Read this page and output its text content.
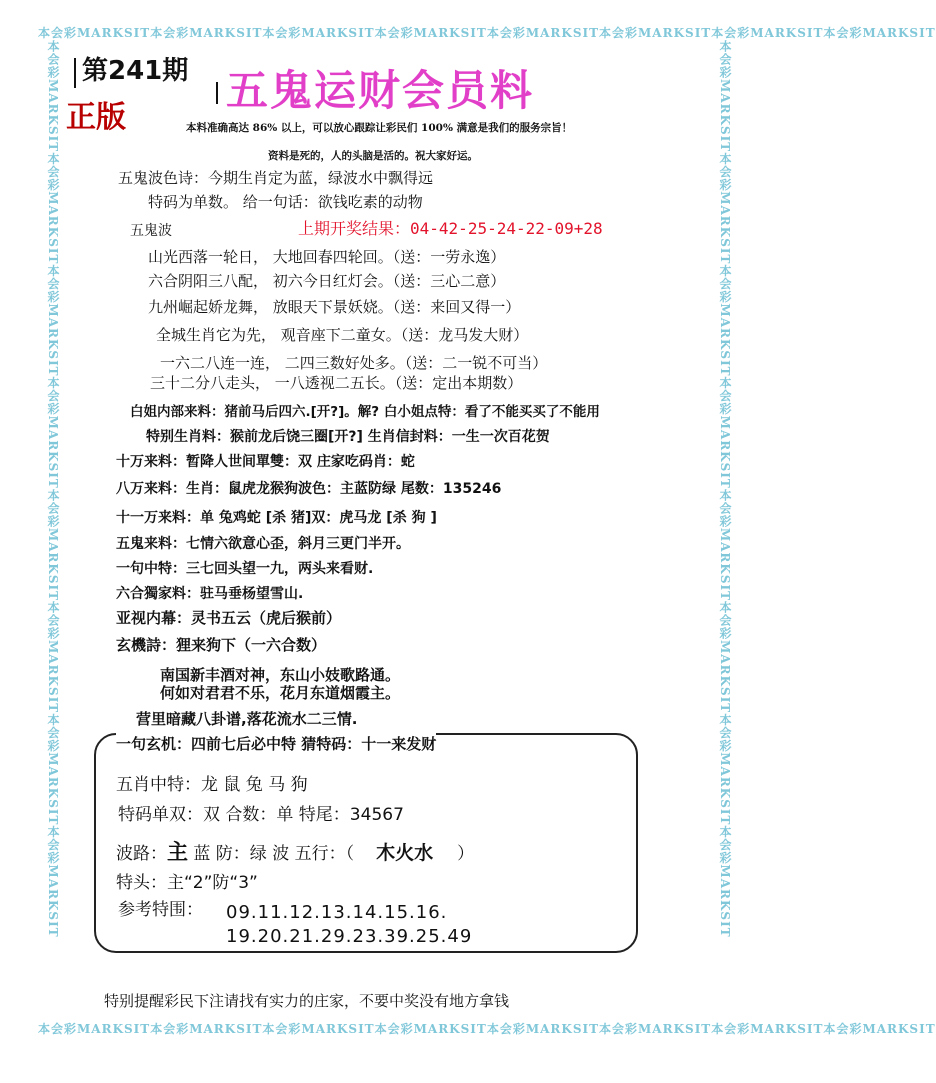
本会彩MARKSIT本会彩MARKSIT本会彩MARKSIT本会彩MARKSIT本会彩MARKSIT本会彩MARKSIT本会彩MARKSIT本会彩MARKSIT
本会彩MARKSIT本会彩MARKSIT本会彩MARKSIT本会彩MARKSIT本会彩MARKSIT本会彩MARKSIT本会彩MARKSIT本会彩MARKSIT
本会彩MARKSIT本会彩MARKSIT本会彩MARKSIT本会彩MARKSIT本会彩MARKSIT本会彩MARKSIT本会彩MARKSIT本会彩MARKSIT	本会彩MARKSIT本会彩MARKSIT本会彩MARKSIT本会彩MARKSIT本会彩MARKSIT本会彩MARKSIT本会彩MARKSIT本会彩MARKSIT
第241期
正版
五鬼运财会员料
本料准确高达 86% 以上，可以放心跟踪让彩民们 100% 满意是我们的服务宗旨！
资料是死的，人的头脑是活的。祝大家好运。
五鬼波色诗：今期生肖定为蓝，绿波水中飘得远
特码为单数。 给一句话：欲钱吃素的动物
五鬼波	上期开奖结果：04-42-25-24-22-09+28
山光西落一轮日， 大地回春四轮回。（送：一劳永逸）
六合阴阳三八配， 初六今日红灯会。（送：三心二意）
九州崛起娇龙舞， 放眼天下景妖娆。（送：来回又得一）
全城生肖它为先， 观音座下二童女。（送：龙马发大财）
一六二八连一连， 二四三数好处多。（送：二一锐不可当）
三十二分八走头， 一八透视二五长。（送：定出本期数）
白姐内部来料：猪前马后四六.[开?]。解? 白小姐点特：看了不能买买了不能用
特别生肖料：猴前龙后饶三圈[开?] 生肖信封料：一生一次百花贺
十万来料：暂降人世间單雙：双 庄家吃码肖：蛇
八万来料：生肖：鼠虎龙猴狗波色：主蓝防绿 尾数：135246
十一万来料：单 兔鸡蛇 [杀 猪]双：虎马龙 [杀 狗 ]
五鬼来料：七情六欲意心歪，斜月三更门半开。
一句中特：三七回头望一九，两头来看财.
六合獨家料：驻马垂杨望雪山.
亚视内幕：灵书五云（虎后猴前）
玄機詩：狸来狗下（一六合数）
南国新丰酒对神，东山小妓歌路通。
何如对君君不乐，花月东道烟霞主。
营里暗藏八卦谱,落花流水二三情.
一句玄机：四前七后必中特 猜特码：十一来发财
五肖中特：龙 鼠 兔 马 狗
特码单双：双 合数：单 特尾：34567
波路：主 蓝 防：绿 波 五行：（ 木火水 ）
特头：主“2”防“3”
参考特围： 09.11.12.13.14.15.16.
19.20.21.29.23.39.25.49
特别提醒彩民下注请找有实力的庄家，不要中奖没有地方拿钱
